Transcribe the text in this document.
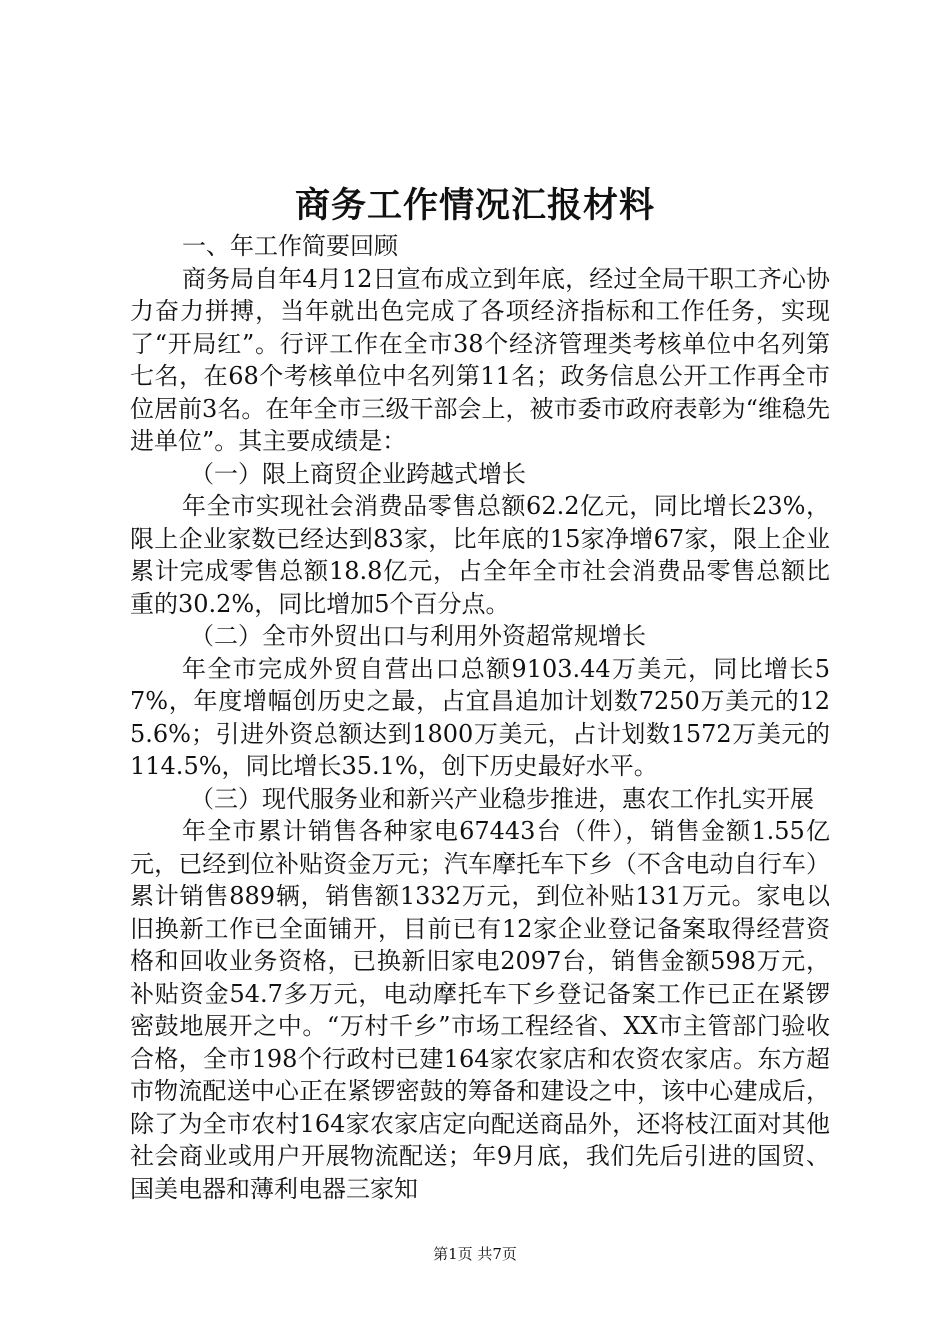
商务工作情况汇报材料

一、年工作简要回顾

商务局自年4月12日宣布成立到年底，经过全局干职工齐心协力奋力拼搏，当年就出色完成了各项经济指标和工作任务，实现了“开局红”。行评工作在全市38个经济管理类考核单位中名列第七名，在68个考核单位中名列第11名；政务信息公开工作再全市位居前3名。在年全市三级干部会上，被市委市政府表彰为“维稳先进单位”。其主要成绩是：

（一）限上商贸企业跨越式增长

年全市实现社会消费品零售总额62.2亿元，同比增长23%，限上企业家数已经达到83家，比年底的15家净增67家，限上企业累计完成零售总额18.8亿元，占全年全市社会消费品零售总额比重的30.2%，同比增加5个百分点。

（二）全市外贸出口与利用外资超常规增长

年全市完成外贸自营出口总额9103.44万美元，同比增长57%，年度增幅创历史之最，占宜昌追加计划数7250万美元的125.6%；引进外资总额达到1800万美元，占计划数1572万美元的114.5%，同比增长35.1%，创下历史最好水平。

（三）现代服务业和新兴产业稳步推进，惠农工作扎实开展

年全市累计销售各种家电67443台（件），销售金额1.55亿元，已经到位补贴资金万元；汽车摩托车下乡（不含电动自行车）累计销售889辆，销售额1332万元，到位补贴131万元。家电以旧换新工作已全面铺开，目前已有12家企业登记备案取得经营资格和回收业务资格，已换新旧家电2097台，销售金额598万元，补贴资金54.7多万元，电动摩托车下乡登记备案工作已正在紧锣密鼓地展开之中。“万村千乡”市场工程经省、XX市主管部门验收合格，全市198个行政村已建164家农家店和农资农家店。东方超市物流配送中心正在紧锣密鼓的筹备和建设之中，该中心建成后，除了为全市农村164家农家店定向配送商品外，还将枝江面对其他社会商业或用户开展物流配送；年9月底，我们先后引进的国贸、国美电器和薄利电器三家知

第1页 共7页
